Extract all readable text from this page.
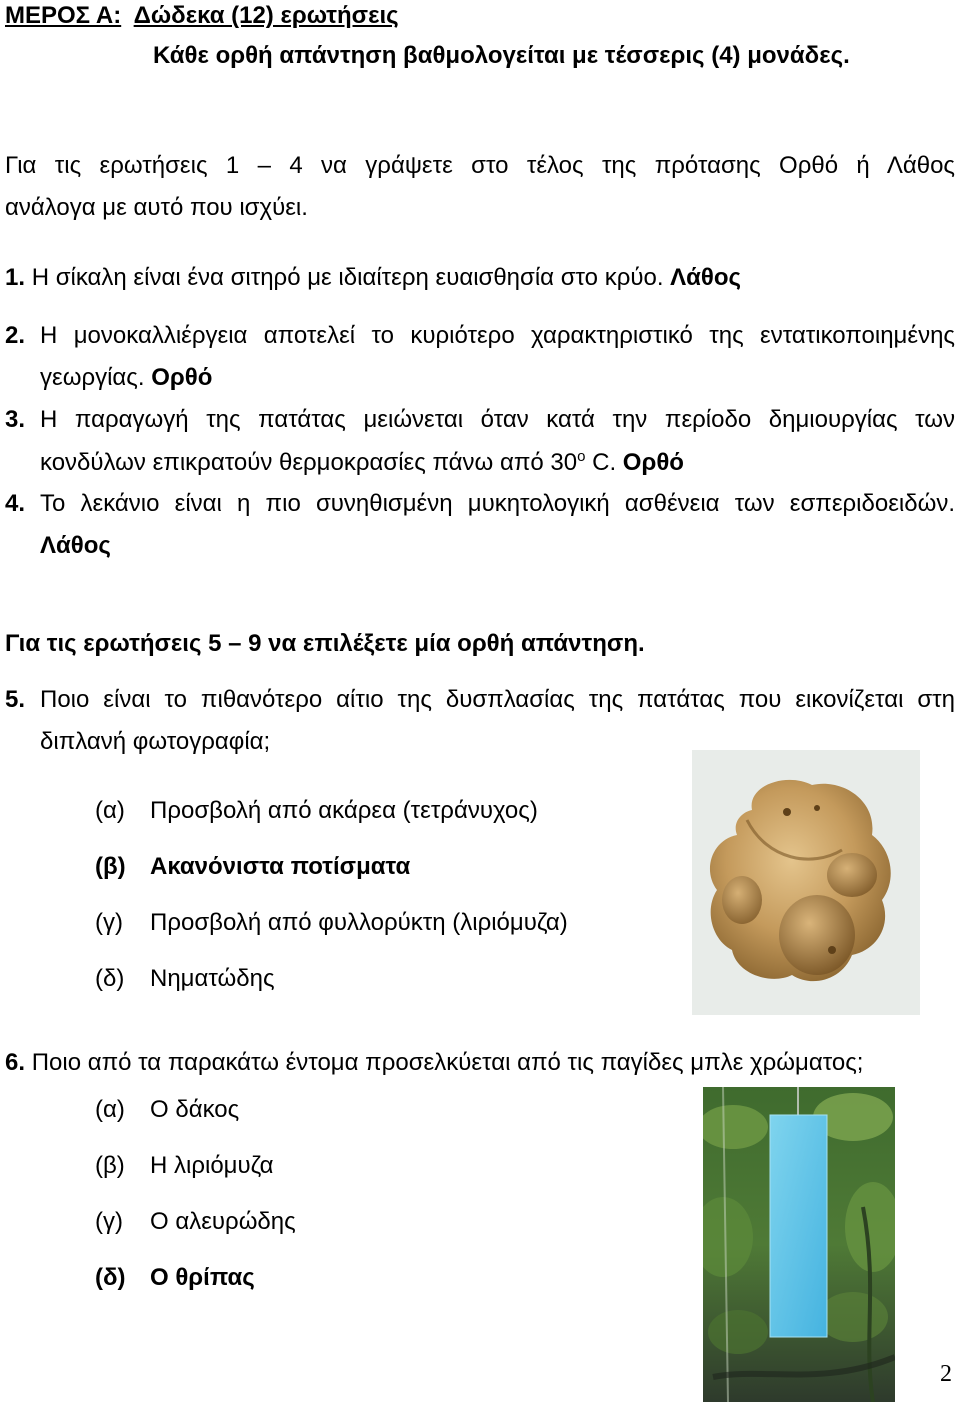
ΜΕΡΟΣ Α: Δώδεκα (12) ερωτήσεις
Κάθε ορθή απάντηση βαθμολογείται με τέσσερις (4) μονάδες.
Για τις ερωτήσεις 1 – 4 να γράψετε στο τέλος της πρότασης Ορθό ή Λάθος
ανάλογα με αυτό που ισχύει.
1. Η σίκαλη είναι ένα σιτηρό με ιδιαίτερη ευαισθησία στο κρύο. Λάθος
2. Η μονοκαλλιέργεια αποτελεί το κυριότερο χαρακτηριστικό της εντατικοποιημένης
γεωργίας. Ορθό
3. Η παραγωγή της πατάτας μειώνεται όταν κατά την περίοδο δημιουργίας των
κονδύλων επικρατούν θερμοκρασίες πάνω από $30^o$ C. Ορθό
4. Το λεκάνιο είναι η πιο συνηθισμένη μυκητολογική ασθένεια των εσπεριδοειδών.
Λάθος
Για τις ερωτήσεις 5 – 9 να επιλέξετε μία ορθή απάντηση.
5. Ποιο είναι το πιθανότερο αίτιο της δυσπλασίας της πατάτας που εικονίζεται στη
διπλανή φωτογραφία;
(α) Προσβολή από ακάρεα (τετράνυχος)
(β) Ακανόνιστα ποτίσματα
(γ) Προσβολή από φυλλορύκτη (λιριόμυζα)
(δ) Νηματώδης
6. Ποιο από τα παρακάτω έντομα προσελκύεται από τις παγίδες μπλε χρώματος;
(α) Ο δάκος
(β) Η λιριόμυζα
(γ) Ο αλευρώδης
(δ) Ο θρίπας
2
